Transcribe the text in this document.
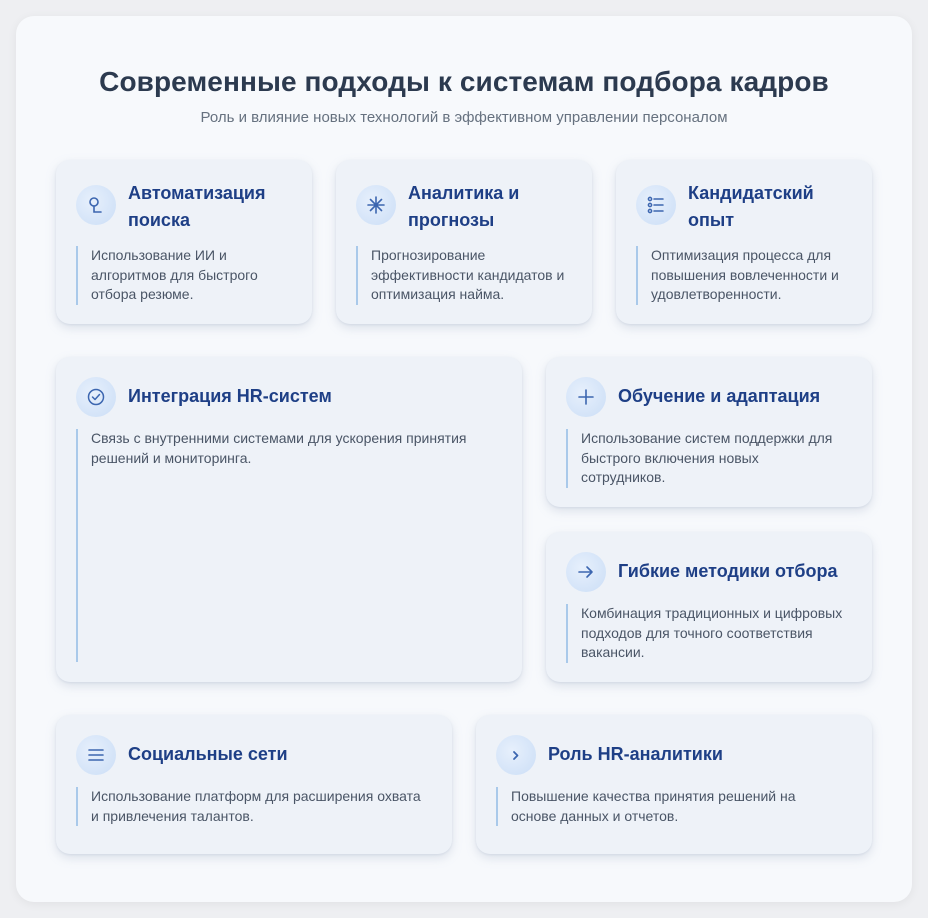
Современные подходы к системам подбора кадров
Роль и влияние новых технологий в эффективном управлении персоналом
Автоматизация
поиска
Использование ИИ и
алгоритмов для быстрого
отбора резюме.
Аналитика и
прогнозы
Прогнозирование
эффективности кандидатов и
оптимизация найма.
Кандидатский
опыт
Оптимизация процесса для
повышения вовлеченности и
удовлетворенности.
Интеграция HR-систем
Связь с внутренними системами для ускорения принятия
решений и мониторинга.
Обучение и адаптация
Использование систем поддержки для
быстрого включения новых
сотрудников.
Гибкие методики отбора
Комбинация традиционных и цифровых
подходов для точного соответствия
вакансии.
Социальные сети
Использование платформ для расширения охвата
и привлечения талантов.
Роль HR-аналитики
Повышение качества принятия решений на
основе данных и отчетов.
